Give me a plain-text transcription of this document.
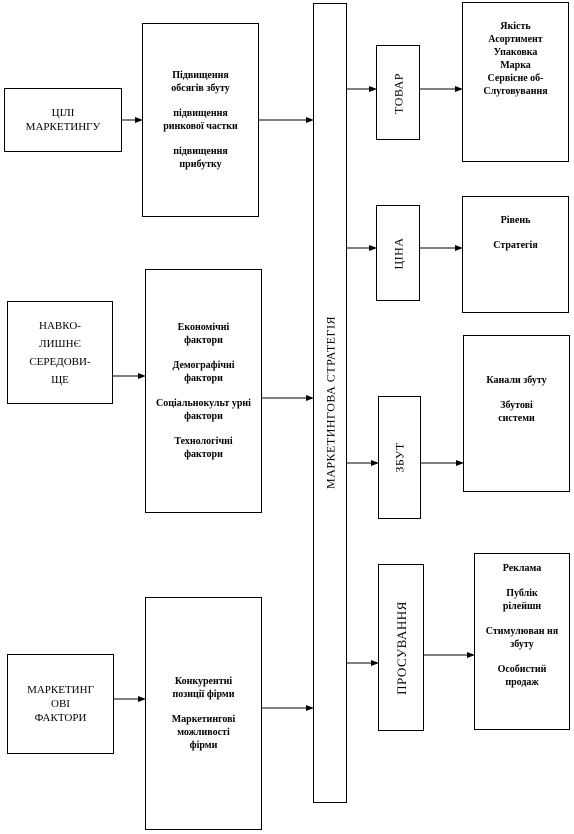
ЦІЛІ МАРКЕТИНГУ
НАВКО-ЛИШНЄ СЕРЕДОВИ-ЩЕ
МАРКЕТИНГ ОВІ ФАКТОРИ
Підвищення обсягів збуту
підвищення ринкової частки
підвищення прибутку
Економічні фактори
Демографічні фактори
Соціальнокульт урні фактори
Технологічні фактори
Конкурентні позиції фірми
Маркетингові можливості фірми
МАРКЕТИНГОВА СТРАТЕГІЯ
ТОВАР
ЦІНА
ЗБУТ
ПРОСУВАННЯ
Якість
Асортимент
Упаковка
Марка
Сервісне об-
Слуговування
Рівень
Стратегія
Канали збуту
Збутові системи
Реклама
Публік рілейшн
Стимулюван ня збуту
Особистий продаж
